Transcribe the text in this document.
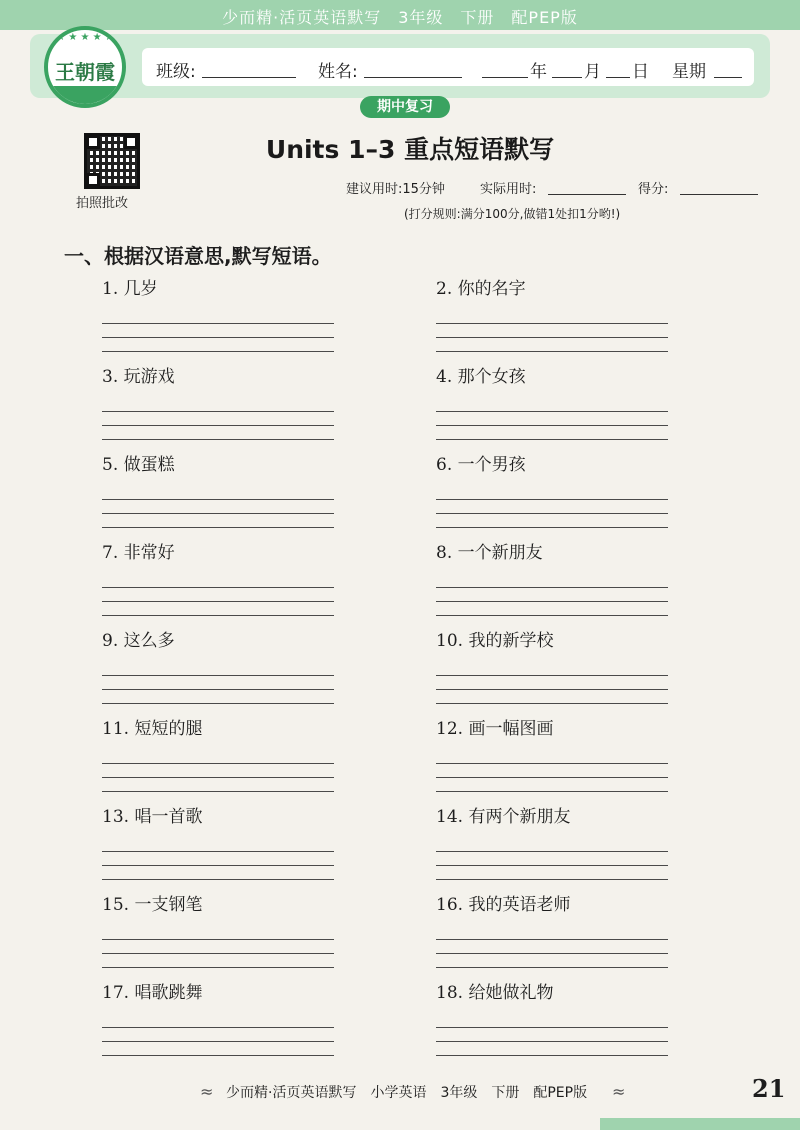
少而精·活页英语默写　3年级　下册　配PEP版
班级:	姓名:	年 月 日 星期
★ ★ ★ ★ ★
王朝霞
期中复习
拍照批改
Units 1–3 重点短语默写
建议用时:15分钟	实际用时:	得分:
(打分规则:满分100分,做错1处扣1分哟!)
一、根据汉语意思,默写短语。
1. 几岁	2. 你的名字
3. 玩游戏	4. 那个女孩
5. 做蛋糕	6. 一个男孩
7. 非常好	8. 一个新朋友
9. 这么多	10. 我的新学校
11. 短短的腿	12. 画一幅图画
13. 唱一首歌	14. 有两个新朋友
15. 一支钢笔	16. 我的英语老师
17. 唱歌跳舞	18. 给她做礼物
≈ 少而精·活页英语默写　小学英语　3年级　下册　配PEP版 ≈	21
